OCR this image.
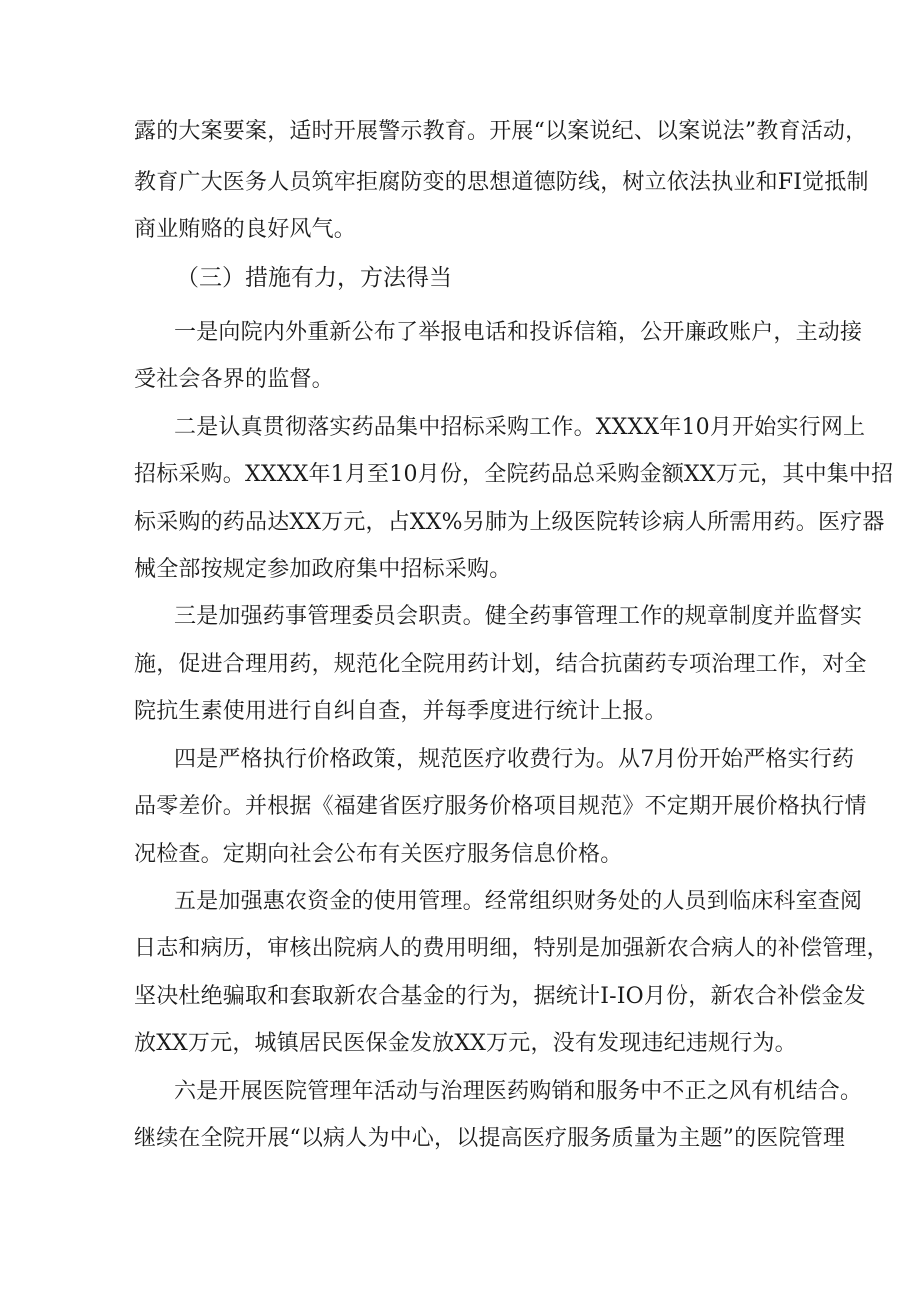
露的大案要案，适时开展警示教育。开展“以案说纪、以案说法”教育活动，
教育广大医务人员筑牢拒腐防变的思想道德防线，树立依法执业和FI觉抵制
商业贿赂的良好风气。
（三）措施有力，方法得当
一是向院内外重新公布了举报电话和投诉信箱，公开廉政账户，主动接
受社会各界的监督。
二是认真贯彻落实药品集中招标采购工作。XXXX年10月开始实行网上
招标采购。XXXX年1月至10月份，全院药品总采购金额XX万元，其中集中招
标采购的药品达XX万元，占XX%另肺为上级医院转诊病人所需用药。医疗器
械全部按规定参加政府集中招标采购。
三是加强药事管理委员会职责。健全药事管理工作的规章制度并监督实
施，促进合理用药，规范化全院用药计划，结合抗菌药专项治理工作，对全
院抗生素使用进行自纠自查，并每季度进行统计上报。
四是严格执行价格政策，规范医疗收费行为。从7月份开始严格实行药
品零差价。并根据《福建省医疗服务价格项目规范》不定期开展价格执行情
况检查。定期向社会公布有关医疗服务信息价格。
五是加强惠农资金的使用管理。经常组织财务处的人员到临床科室查阅
日志和病历，审核出院病人的费用明细，特别是加强新农合病人的补偿管理，
坚决杜绝骗取和套取新农合基金的行为，据统计I-IO月份，新农合补偿金发
放XX万元，城镇居民医保金发放XX万元，没有发现违纪违规行为。
六是开展医院管理年活动与治理医药购销和服务中不正之风有机结合。
继续在全院开展“以病人为中心，以提高医疗服务质量为主题”的医院管理
